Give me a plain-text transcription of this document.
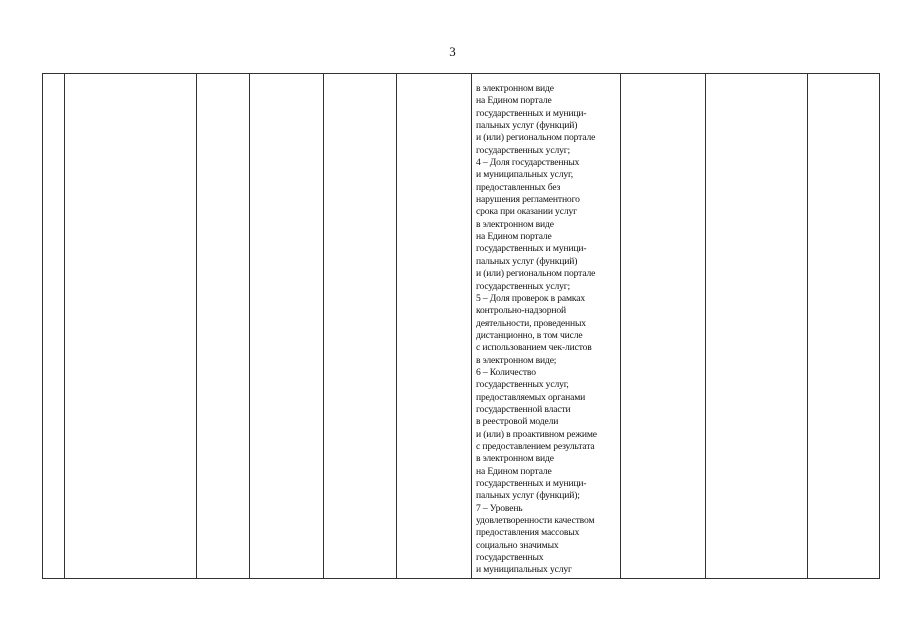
3

в электронном виде
на Едином портале
государственных и муници-
пальных услуг (функций)
и (или) региональном портале
государственных услуг;
4 – Доля государственных
и муниципальных услуг,
предоставленных без
нарушения регламентного
срока при оказании услуг
в электронном виде
на Едином портале
государственных и муници-
пальных услуг (функций)
и (или) региональном портале
государственных услуг;
5 – Доля проверок в рамках
контрольно-надзорной
деятельности, проведенных
дистанционно, в том числе
с использованием чек-листов
в электронном виде;
6 – Количество
государственных услуг,
предоставляемых органами
государственной власти
в реестровой модели
и (или) в проактивном режиме
с предоставлением результата
в электронном виде
на Едином портале
государственных и муници-
пальных услуг (функций);
7 – Уровень
удовлетворенности качеством
предоставления массовых
социально значимых
государственных
и муниципальных услуг
